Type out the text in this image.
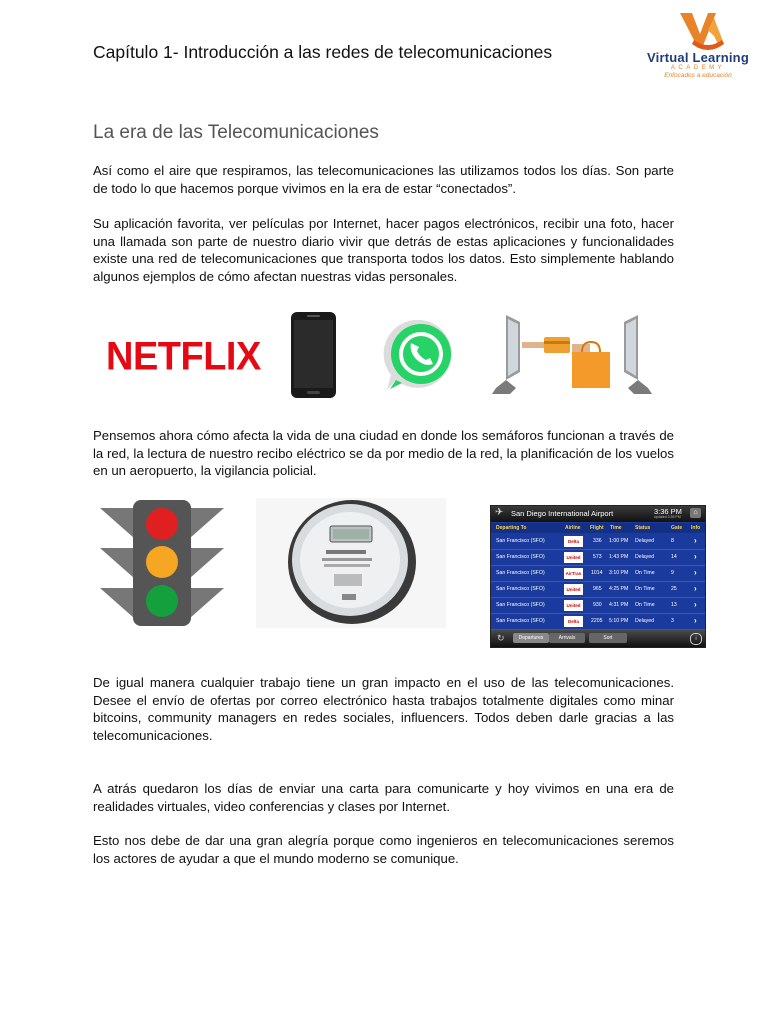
Capítulo 1- Introducción a las redes de telecomunicaciones	Virtual Learning
ACADEMY
Enfocados a educación
La era de las Telecomunicaciones
Así como el aire que respiramos, las telecomunicaciones las utilizamos todos los días. Son parte de todo lo que hacemos porque vivimos en la era de estar “conectados”.
Su aplicación favorita, ver películas por Internet, hacer pagos electrónicos, recibir una foto, hacer una llamada son parte de nuestro diario vivir que detrás de estas aplicaciones y funcionalidades existe una red de telecomunicaciones que transporta todos los datos. Esto simplemente hablando algunos ejemplos de cómo afectan nuestras vidas personales.
NETFLIX
Pensemos ahora cómo afecta la vida de una ciudad en donde los semáforos funcionan a través de la red, la lectura de nuestro recibo eléctrico se da por medio de la red, la planificación de los vuelos en un aeropuerto, la vigilancia policial.
✈ San Diego International Airport	3:36 PM
updated 3:36 PM
⌂
Departing To	Airline Flight Time	Status	Gate Info
San Francisco (SFO)	Delta	336 1:00 PM Delayed	8	›
San Francisco (SFO)	United	573 1:43 PM Delayed	14 ›
San Francisco (SFO)	AirTran	1014 3:10 PM On Time	9	›
San Francisco (SFO)	United	965 4:25 PM On Time	25 ›
San Francisco (SFO)	United	930 4:31 PM On Time	13 ›
San Francisco (SFO)	Delta	2205 5:10 PM Delayed	3	›
↻	Departures	Arrivals	Sort	i
De igual manera cualquier trabajo tiene un gran impacto en el uso de las telecomunicaciones. Desee el envío de ofertas por correo electrónico hasta trabajos totalmente digitales como minar bitcoins, community managers en redes sociales, influencers. Todos deben darle gracias a las telecomunicaciones.
A atrás quedaron los días de enviar una carta para comunicarte y hoy vivimos en una era de realidades virtuales, video conferencias y clases por Internet.
Esto nos debe de dar una gran alegría porque como ingenieros en telecomunicaciones seremos los actores de ayudar a que el mundo moderno se comunique.
